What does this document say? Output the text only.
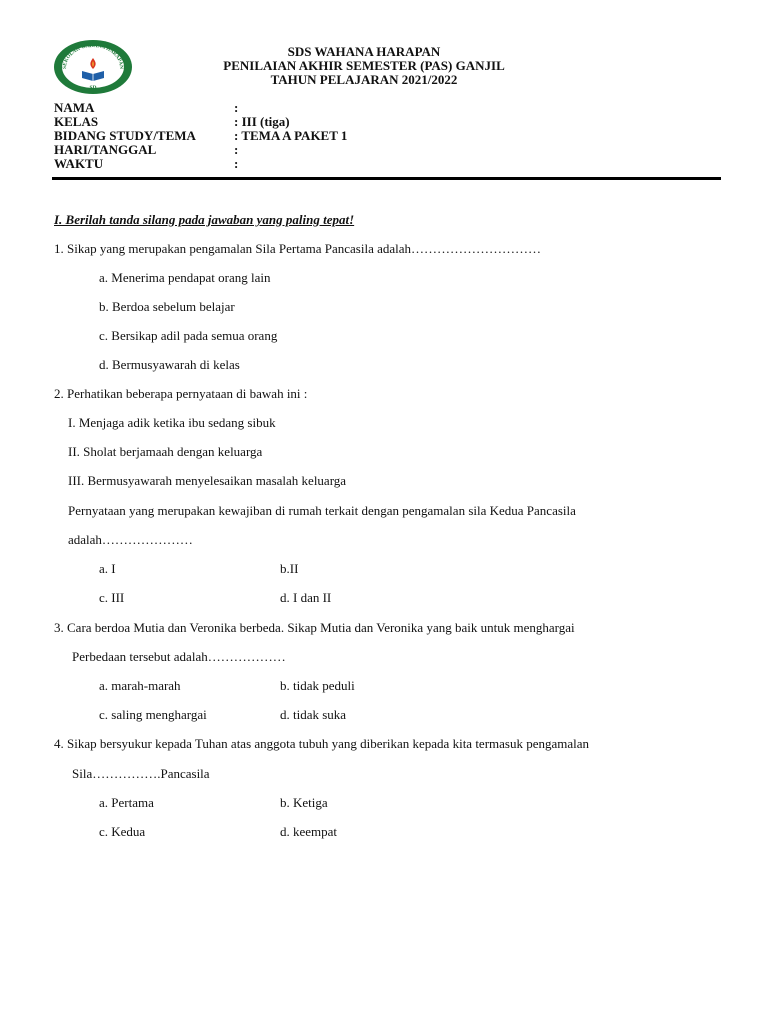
SEKOLAH WAHANA HARAPAN
SD
SDS WAHANA HARAPAN
PENILAIAN AKHIR SEMESTER (PAS) GANJIL
TAHUN PELAJARAN 2021/2022
NAMA	:
KELAS	: III (tiga)
BIDANG STUDY/TEMA	: TEMA A PAKET 1
HARI/TANGGAL	:
WAKTU	:
I. Berilah tanda silang pada jawaban yang paling tepat!
1. Sikap yang merupakan pengamalan Sila Pertama Pancasila adalah…………………………
a. Menerima pendapat orang lain
b. Berdoa sebelum belajar
c. Bersikap adil pada semua orang
d. Bermusyawarah di kelas
2. Perhatikan beberapa pernyataan di bawah ini :
I. Menjaga adik ketika ibu sedang sibuk
II. Sholat berjamaah dengan keluarga
III. Bermusyawarah menyelesaikan masalah keluarga
Pernyataan yang merupakan kewajiban di rumah terkait dengan pengamalan sila Kedua Pancasila
adalah…………………
a. I	b.II
c. III	d. I dan II
3. Cara berdoa Mutia dan Veronika berbeda. Sikap Mutia dan Veronika yang baik untuk menghargai
Perbedaan tersebut adalah………………
a. marah-marah	b. tidak peduli
c. saling menghargai	d. tidak suka
4. Sikap bersyukur kepada Tuhan atas anggota tubuh yang diberikan kepada kita termasuk pengamalan
Sila…………….Pancasila
a. Pertama	b. Ketiga
c. Kedua	d. keempat
